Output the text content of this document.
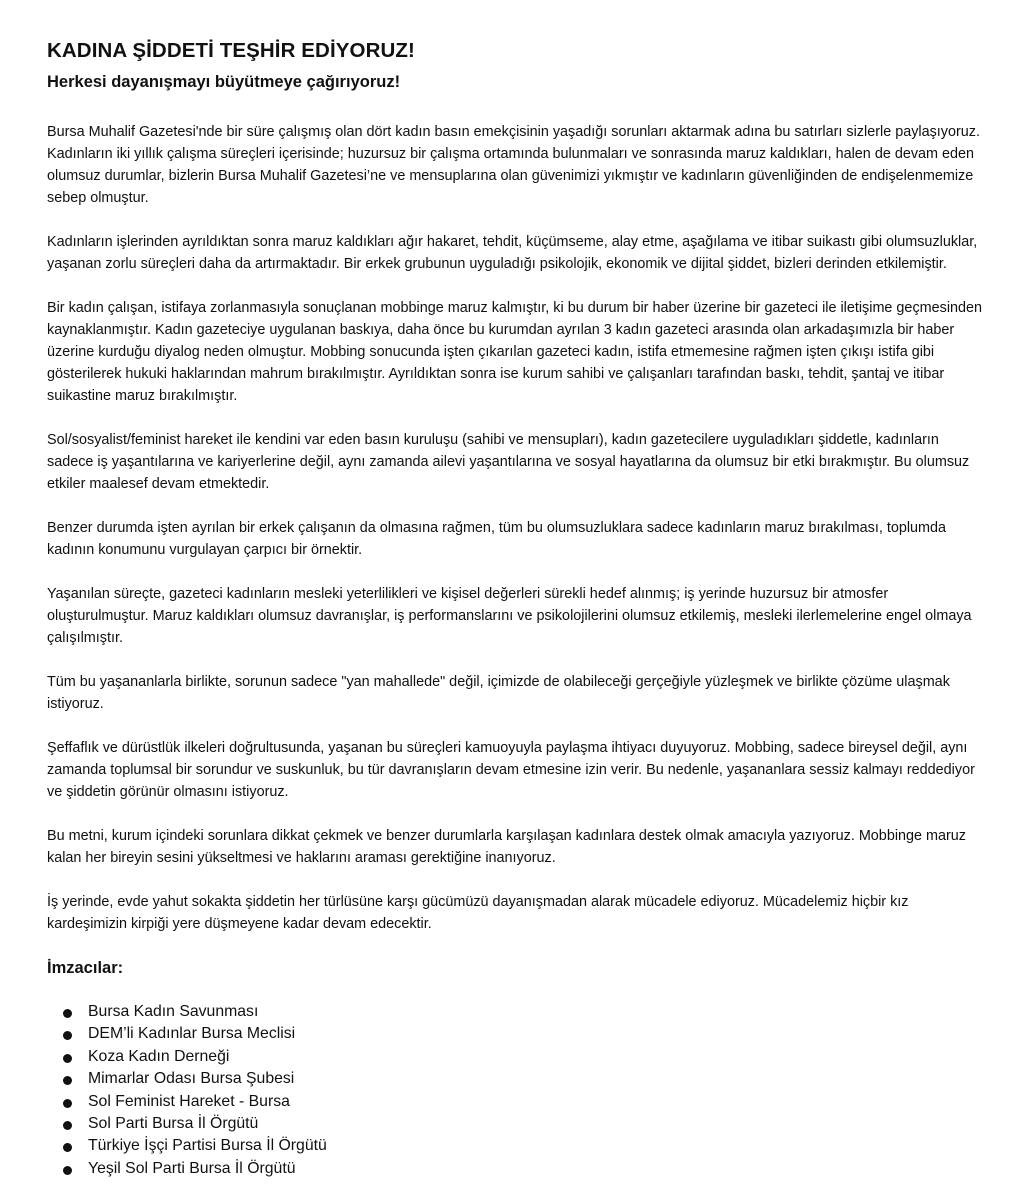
KADINA ŞİDDETİ TEŞHİR EDİYORUZ!
Herkesi dayanışmayı büyütmeye çağırıyoruz!

Bursa Muhalif Gazetesi'nde bir süre çalışmış olan dört kadın basın emekçisinin yaşadığı sorunları aktarmak adına bu satırları sizlerle paylaşıyoruz. Kadınların iki yıllık çalışma süreçleri içerisinde; huzursuz bir çalışma ortamında bulunmaları ve sonrasında maruz kaldıkları, halen de devam eden olumsuz durumlar, bizlerin Bursa Muhalif Gazetesi’ne ve mensuplarına olan güvenimizi yıkmıştır ve kadınların güvenliğinden de endişelenmemize sebep olmuştur.

Kadınların işlerinden ayrıldıktan sonra maruz kaldıkları ağır hakaret, tehdit, küçümseme, alay etme, aşağılama ve itibar suikastı gibi olumsuzluklar, yaşanan zorlu süreçleri daha da artırmaktadır. Bir erkek grubunun uyguladığı psikolojik, ekonomik ve dijital şiddet, bizleri derinden etkilemiştir.

Bir kadın çalışan, istifaya zorlanmasıyla sonuçlanan mobbinge maruz kalmıştır, ki bu durum bir haber üzerine bir gazeteci ile iletişime geçmesinden kaynaklanmıştır. Kadın gazeteciye uygulanan baskıya, daha önce bu kurumdan ayrılan 3 kadın gazeteci arasında olan arkadaşımızla bir haber üzerine kurduğu diyalog neden olmuştur. Mobbing sonucunda işten çıkarılan gazeteci kadın, istifa etmemesine rağmen işten çıkışı istifa gibi gösterilerek hukuki haklarından mahrum bırakılmıştır. Ayrıldıktan sonra ise kurum sahibi ve çalışanları tarafından baskı, tehdit, şantaj ve itibar suikastine maruz bırakılmıştır.

Sol/sosyalist/feminist hareket ile kendini var eden basın kuruluşu (sahibi ve mensupları), kadın gazetecilere uyguladıkları şiddetle, kadınların sadece iş yaşantılarına ve kariyerlerine değil, aynı zamanda ailevi yaşantılarına ve sosyal hayatlarına da olumsuz bir etki bırakmıştır. Bu olumsuz etkiler maalesef devam etmektedir.

Benzer durumda işten ayrılan bir erkek çalışanın da olmasına rağmen, tüm bu olumsuzluklara sadece kadınların maruz bırakılması, toplumda kadının konumunu vurgulayan çarpıcı bir örnektir.

Yaşanılan süreçte, gazeteci kadınların mesleki yeterlilikleri ve kişisel değerleri sürekli hedef alınmış; iş yerinde huzursuz bir atmosfer oluşturulmuştur. Maruz kaldıkları olumsuz davranışlar, iş performanslarını ve psikolojilerini olumsuz etkilemiş, mesleki ilerlemelerine engel olmaya çalışılmıştır.

Tüm bu yaşananlarla birlikte, sorunun sadece "yan mahallede" değil, içimizde de olabileceği gerçeğiyle yüzleşmek ve birlikte çözüme ulaşmak istiyoruz.

Şeffaflık ve dürüstlük ilkeleri doğrultusunda, yaşanan bu süreçleri kamuoyuyla paylaşma ihtiyacı duyuyoruz. Mobbing, sadece bireysel değil, aynı zamanda toplumsal bir sorundur ve suskunluk, bu tür davranışların devam etmesine izin verir. Bu nedenle, yaşananlara sessiz kalmayı reddediyor ve şiddetin görünür olmasını istiyoruz.

Bu metni, kurum içindeki sorunlara dikkat çekmek ve benzer durumlarla karşılaşan kadınlara destek olmak amacıyla yazıyoruz. Mobbinge maruz kalan her bireyin sesini yükseltmesi ve haklarını araması gerektiğine inanıyoruz.

İş yerinde, evde yahut sokakta şiddetin her türlüsüne karşı gücümüzü dayanışmadan alarak mücadele ediyoruz. Mücadelemiz hiçbir kız kardeşimizin kirpiği yere düşmeyene kadar devam edecektir.

İmzacılar:
Bursa Kadın Savunması
DEM’li Kadınlar Bursa Meclisi
Koza Kadın Derneği
Mimarlar Odası Bursa Şubesi
Sol Feminist Hareket - Bursa
Sol Parti Bursa İl Örgütü
Türkiye İşçi Partisi Bursa İl Örgütü
Yeşil Sol Parti Bursa İl Örgütü
